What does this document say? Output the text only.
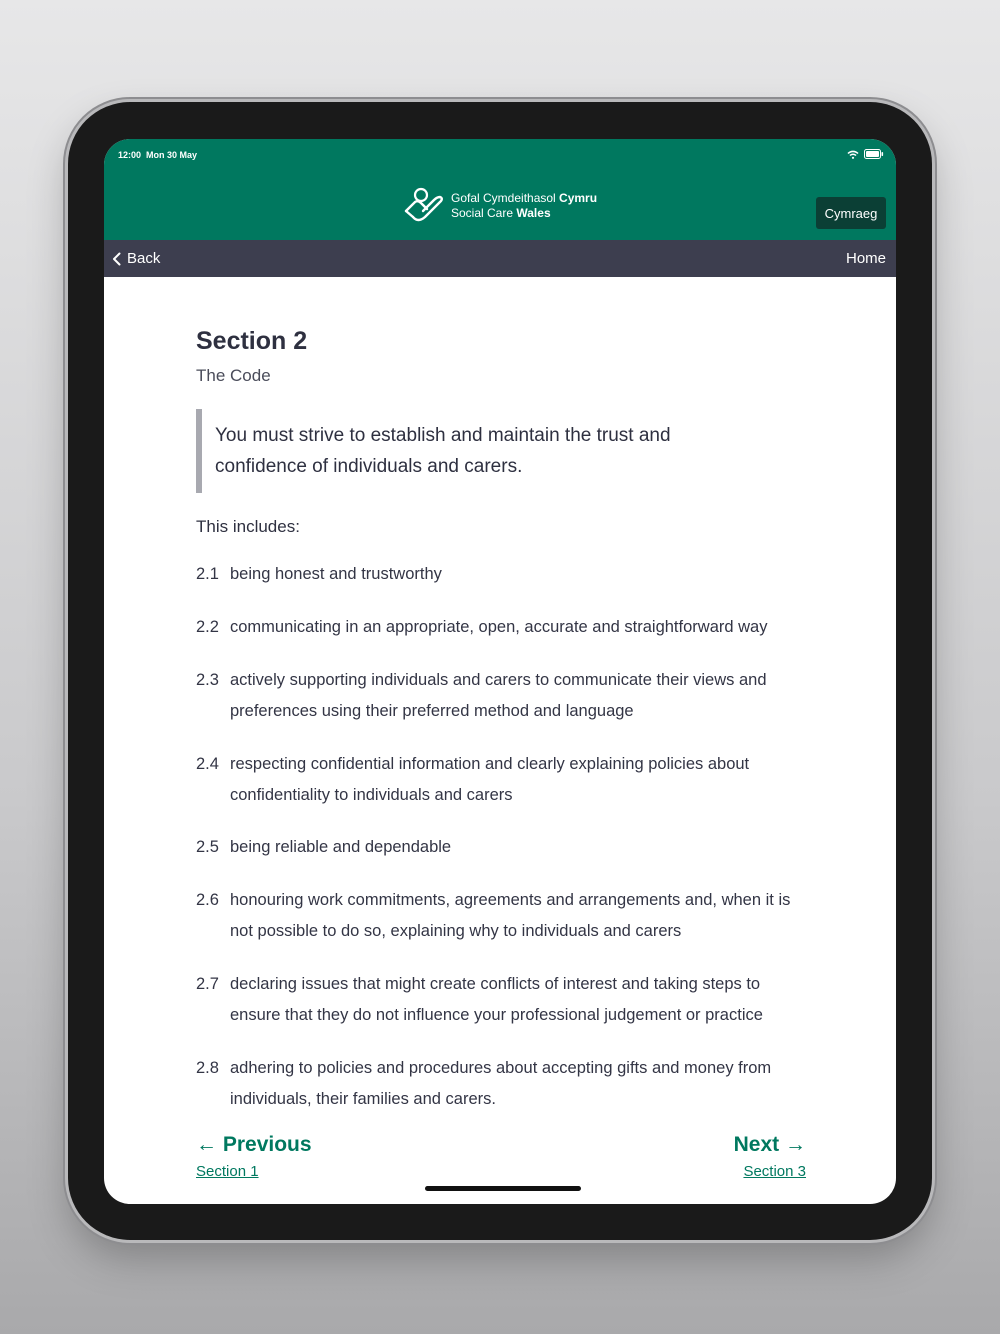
12:00 Mon 30 May
Gofal Cymdeithasol Cymru
Social Care Wales	Cymraeg
Back	Home
Section 2
The Code
You must strive to establish and maintain the trust and confidence of individuals and carers.
This includes:
2.1 being honest and trustworthy
2.2 communicating in an appropriate, open, accurate and straightforward way
2.3 actively supporting individuals and carers to communicate their views and preferences using their preferred method and language
2.4 respecting confidential information and clearly explaining policies about confidentiality to individuals and carers
2.5 being reliable and dependable
2.6 honouring work commitments, agreements and arrangements and, when it is not possible to do so, explaining why to individuals and carers
2.7 declaring issues that might create conflicts of interest and taking steps to ensure that they do not influence your professional judgement or practice
2.8 adhering to policies and procedures about accepting gifts and money from individuals, their families and carers.
← Previous
Section 1
Next →
Section 3
